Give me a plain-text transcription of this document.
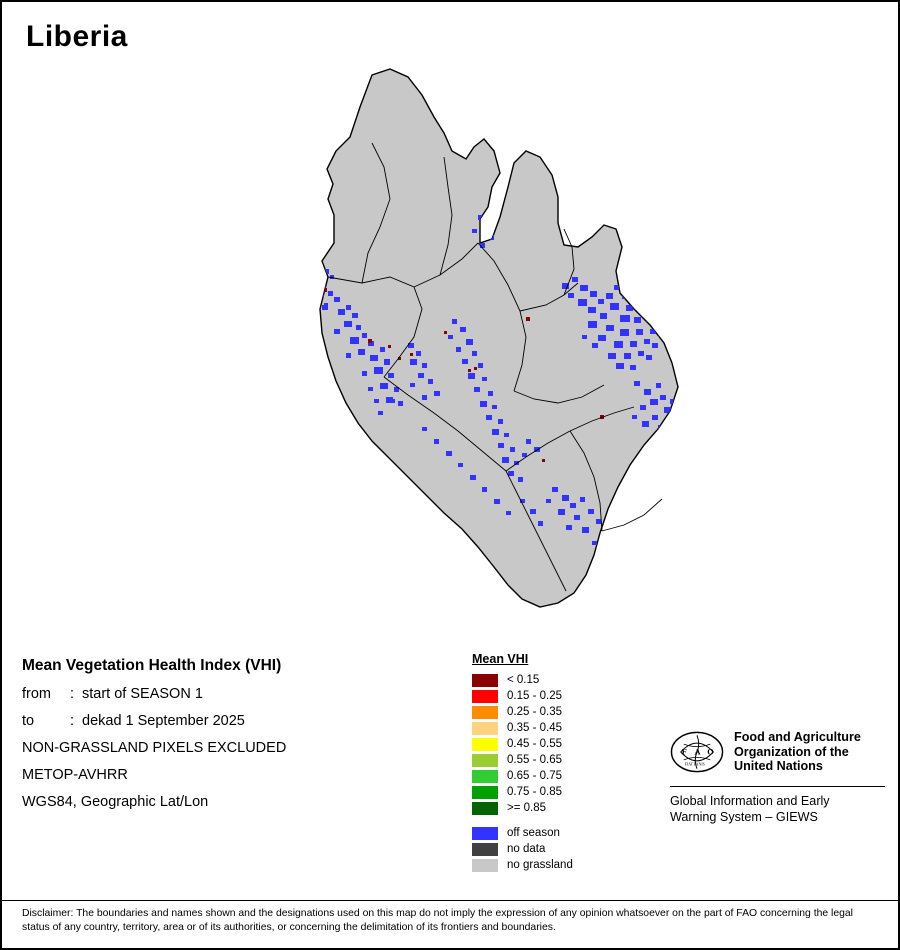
Liberia
Mean Vegetation Health Index (VHI)
from : start of SEASON 1
to : dekad 1 September 2025
NON-GRASSLAND PIXELS EXCLUDED
METOP-AVHRR
WGS84, Geographic Lat/Lon
Mean VHI
< 0.15
0.15 - 0.25
0.25 - 0.35
0.35 - 0.45
0.45 - 0.55
0.55 - 0.65
0.65 - 0.75
0.75 - 0.85
>= 0.85
off season
no data
no grassland
F A O
FIAT PANIS
Food and Agriculture
Organization of the
United Nations
Global Information and Early
Warning System – GIEWS
Disclaimer: The boundaries and names shown and the designations used on this map do not imply the expression of any opinion whatsoever on the part of FAO concerning the legal status of any country, territory, area or of its authorities, or concerning the delimitation of its frontiers and boundaries.
